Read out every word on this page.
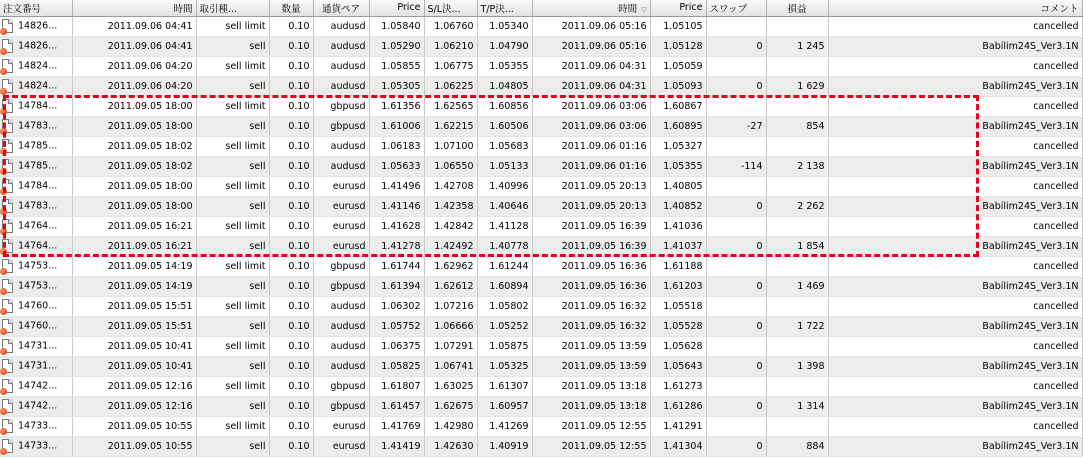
注文番号	時間	取引種...	数量	通貨ペア	Price	S/L決...	T/P決...	時間 ▽	Price	スワップ	損益	コメント

14826...	2011.09.06 04:41	sell limit	0.10	audusd	1.05840	1.06760	1.05340	2011.09.06 05:16	1.05105			cancelled

14826...	2011.09.06 04:41	sell	0.10	audusd	1.05290	1.06210	1.04790	2011.09.06 05:16	1.05128	0	1 245	Babilim24S_Ver3.1N

14824...	2011.09.06 04:20	sell limit	0.10	audusd	1.05855	1.06775	1.05355	2011.09.06 04:31	1.05059			cancelled

14824...	2011.09.06 04:20	sell	0.10	audusd	1.05305	1.06225	1.04805	2011.09.06 04:31	1.05093	0	1 629	Babilim24S_Ver3.1N

14784...	2011.09.05 18:00	sell limit	0.10	gbpusd	1.61356	1.62565	1.60856	2011.09.06 03:06	1.60867			cancelled

14783...	2011.09.05 18:00	sell	0.10	gbpusd	1.61006	1.62215	1.60506	2011.09.06 03:06	1.60895	-27	854	Babilim24S_Ver3.1N

14785...	2011.09.05 18:02	sell limit	0.10	audusd	1.06183	1.07100	1.05683	2011.09.06 01:16	1.05327			cancelled

14785...	2011.09.05 18:02	sell	0.10	audusd	1.05633	1.06550	1.05133	2011.09.06 01:16	1.05355	-114	2 138	Babilim24S_Ver3.1N

14784...	2011.09.05 18:00	sell limit	0.10	eurusd	1.41496	1.42708	1.40996	2011.09.05 20:13	1.40805			cancelled

14783...	2011.09.05 18:00	sell	0.10	eurusd	1.41146	1.42358	1.40646	2011.09.05 20:13	1.40852	0	2 262	Babilim24S_Ver3.1N

14764...	2011.09.05 16:21	sell limit	0.10	eurusd	1.41628	1.42842	1.41128	2011.09.05 16:39	1.41036			cancelled

14764...	2011.09.05 16:21	sell	0.10	eurusd	1.41278	1.42492	1.40778	2011.09.05 16:39	1.41037	0	1 854	Babilim24S_Ver3.1N

14753...	2011.09.05 14:19	sell limit	0.10	gbpusd	1.61744	1.62962	1.61244	2011.09.05 16:36	1.61188			cancelled

14753...	2011.09.05 14:19	sell	0.10	gbpusd	1.61394	1.62612	1.60894	2011.09.05 16:36	1.61203	0	1 469	Babilim24S_Ver3.1N

14760...	2011.09.05 15:51	sell limit	0.10	audusd	1.06302	1.07216	1.05802	2011.09.05 16:32	1.05518			cancelled

14760...	2011.09.05 15:51	sell	0.10	audusd	1.05752	1.06666	1.05252	2011.09.05 16:32	1.05528	0	1 722	Babilim24S_Ver3.1N

14731...	2011.09.05 10:41	sell limit	0.10	audusd	1.06375	1.07291	1.05875	2011.09.05 13:59	1.05628			cancelled

14731...	2011.09.05 10:41	sell	0.10	audusd	1.05825	1.06741	1.05325	2011.09.05 13:59	1.05643	0	1 398	Babilim24S_Ver3.1N

14742...	2011.09.05 12:16	sell limit	0.10	gbpusd	1.61807	1.63025	1.61307	2011.09.05 13:18	1.61273			cancelled

14742...	2011.09.05 12:16	sell	0.10	gbpusd	1.61457	1.62675	1.60957	2011.09.05 13:18	1.61286	0	1 314	Babilim24S_Ver3.1N

14733...	2011.09.05 10:55	sell limit	0.10	eurusd	1.41769	1.42980	1.41269	2011.09.05 12:55	1.41291			cancelled

14733...	2011.09.05 10:55	sell	0.10	eurusd	1.41419	1.42630	1.40919	2011.09.05 12:55	1.41304	0	884	Babilim24S_Ver3.1N
